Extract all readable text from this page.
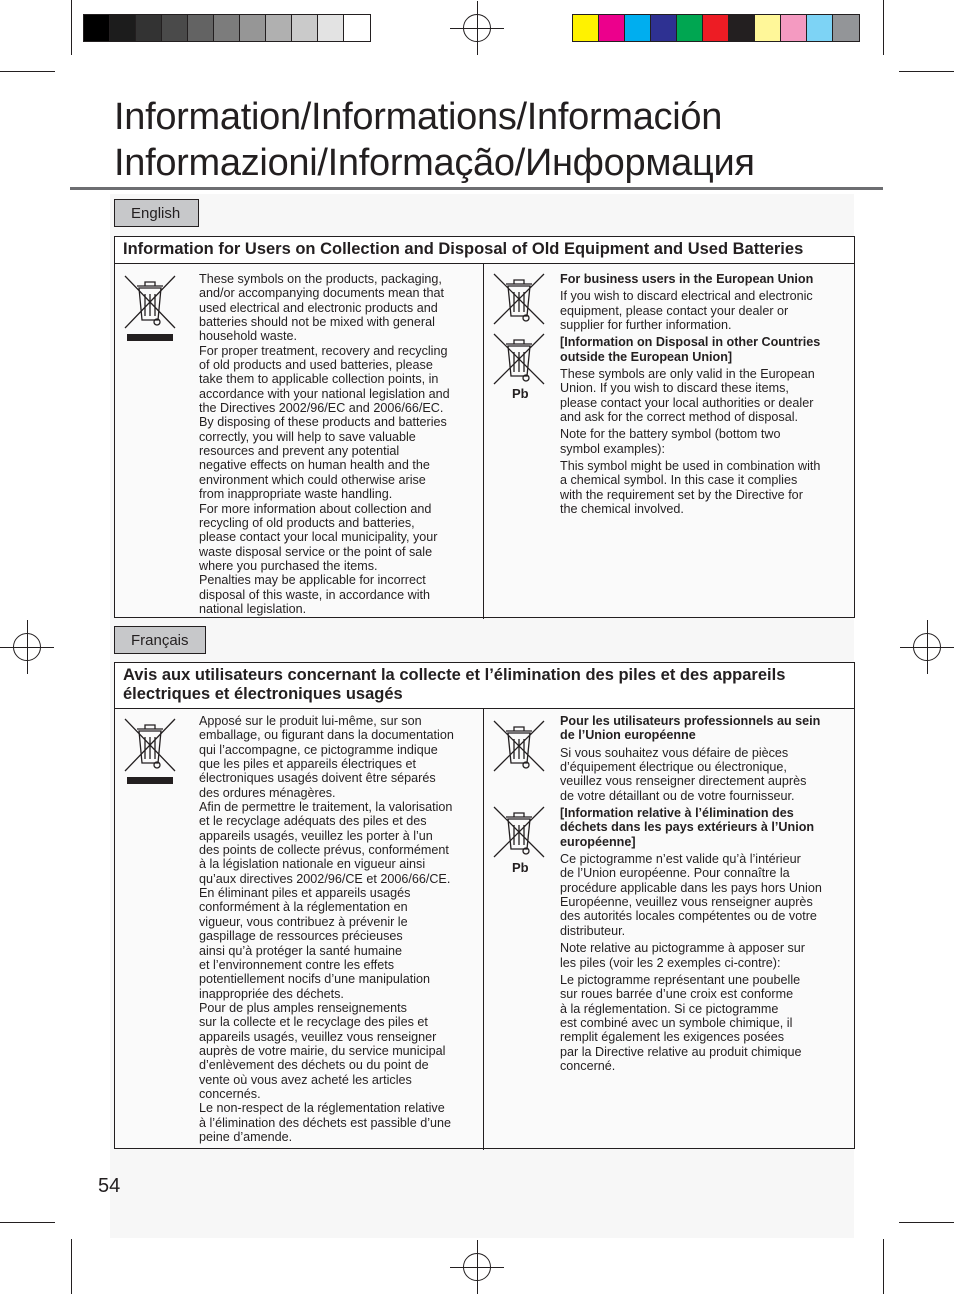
Information/Informations/Información
Informazioni/Informação/Информация
English
Information for Users on Collection and Disposal of Old Equipment and Used Batteries

These symbols on the products, packaging,

and/or accompanying documents mean that

used electrical and electronic products and

batteries should not be mixed with general

household waste.

For proper treatment, recovery and recycling

of old products and used batteries, please

take them to applicable collection points, in

accordance with your national legislation and

the Directives 2002/96/EC and 2006/66/EC.

By disposing of these products and batteries

correctly, you will help to save valuable

resources and prevent any potential

negative effects on human health and the

environment which could otherwise arise

from inappropriate waste handling.

For more information about collection and

recycling of old products and batteries,

please contact your local municipality, your

waste disposal service or the point of sale

where you purchased the items.

Penalties may be applicable for incorrect

disposal of this waste, in accordance with

national legislation.

Pb

For business users in the European Union

If you wish to discard electrical and electronic

equipment, please contact your dealer or

supplier for further information.

[Information on Disposal in other Countries

outside the European Union]

These symbols are only valid in the European

Union. If you wish to discard these items,

please contact your local authorities or dealer

and ask for the correct method of disposal.

Note for the battery symbol (bottom two

symbol examples):

This symbol might be used in combination with

a chemical symbol. In this case it complies

with the requirement set by the Directive for

the chemical involved.

Français
Avis aux utilisateurs concernant la collecte et l’élimination des piles et des appareils
électriques et électroniques usagés

Apposé sur le produit lui-même, sur son

emballage, ou figurant dans la documentation

qui l’accompagne, ce pictogramme indique

que les piles et appareils électriques et

électroniques usagés doivent être séparés

des ordures ménagères.

Afin de permettre le traitement, la valorisation

et le recyclage adéquats des piles et des

appareils usagés, veuillez les porter à l’un

des points de collecte prévus, conformément

à la législation nationale en vigueur ainsi

qu’aux directives 2002/96/CE et 2006/66/CE.

En éliminant piles et appareils usagés

conformément à la réglementation en

vigueur, vous contribuez à prévenir le

gaspillage de ressources précieuses

ainsi qu’à protéger la santé humaine

et l’environnement contre les effets

potentiellement nocifs d’une manipulation

inappropriée des déchets.

Pour de plus amples renseignements

sur la collecte et le recyclage des piles et

appareils usagés, veuillez vous renseigner

auprès de votre mairie, du service municipal

d’enlèvement des déchets ou du point de

vente où vous avez acheté les articles

concernés.

Le non-respect de la réglementation relative

à l’élimination des déchets est passible d’une

peine d’amende.

Pb

Pour les utilisateurs professionnels au sein

de l’Union européenne

Si vous souhaitez vous défaire de pièces

d’équipement électrique ou électronique,

veuillez vous renseigner directement auprès

de votre détaillant ou de votre fournisseur.

[Information relative à l’élimination des

déchets dans les pays extérieurs à l’Union

européenne]

Ce pictogramme n’est valide qu’à l’intérieur

de l’Union européenne. Pour connaître la

procédure applicable dans les pays hors Union

Européenne, veuillez vous renseigner auprès

des autorités locales compétentes ou de votre

distributeur.

Note relative au pictogramme à apposer sur

les piles (voir les 2 exemples ci-contre):

Le pictogramme représentant une poubelle

sur roues barrée d’une croix est conforme

à la réglementation. Si ce pictogramme

est combiné avec un symbole chimique, il

remplit également les exigences posées

par la Directive relative au produit chimique

concerné.

54
